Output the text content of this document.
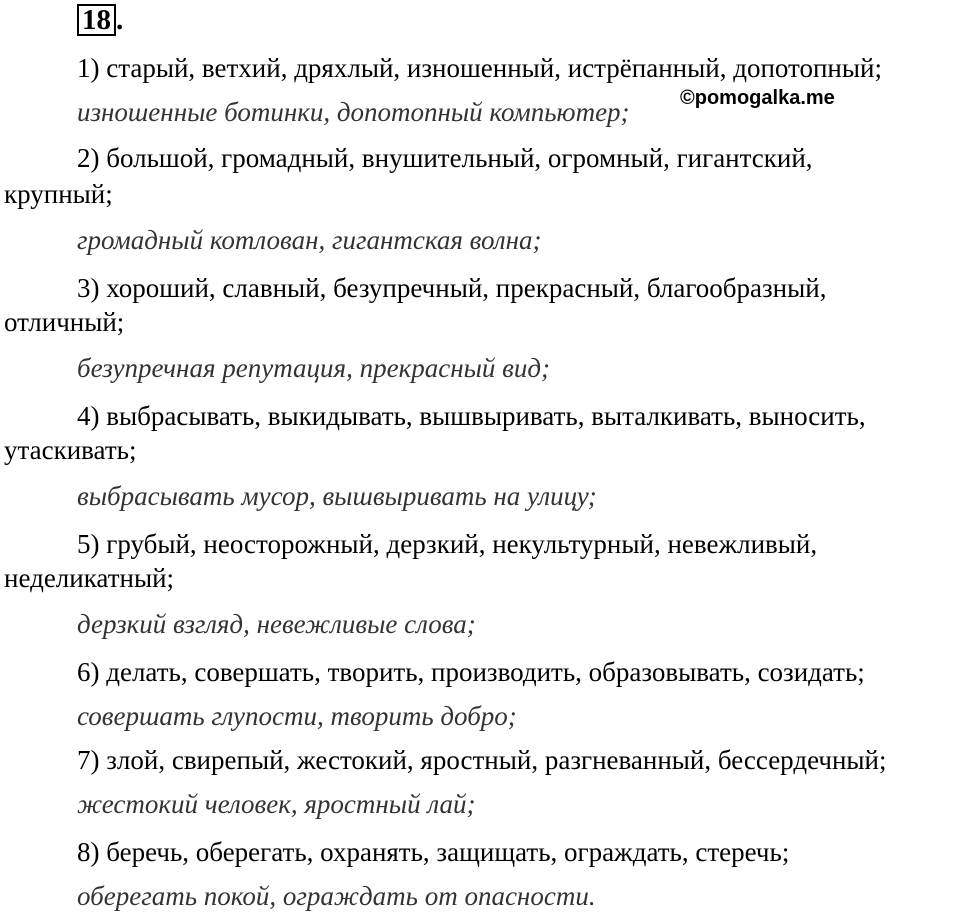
18 .
©pomogalka.me
1) старый, ветхий, дряхлый, изношенный, истрёпанный, допотопный;
изношенные ботинки, допотопный компьютер;
2) большой, громадный, внушительный, огромный, гигантский,
крупный;
громадный котлован, гигантская волна;
3) хороший, славный, безупречный, прекрасный, благообразный,
отличный;
безупречная репутация, прекрасный вид;
4) выбрасывать, выкидывать, вышвыривать, выталкивать, выносить,
утаскивать;
выбрасывать мусор, вышвыривать на улицу;
5) грубый, неосторожный, дерзкий, некультурный, невежливый,
неделикатный;
дерзкий взгляд, невежливые слова;
6) делать, совершать, творить, производить, образовывать, созидать;
совершать глупости, творить добро;
7) злой, свирепый, жестокий, яростный, разгневанный, бессердечный;
жестокий человек, яростный лай;
8) беречь, оберегать, охранять, защищать, ограждать, стеречь;
оберегать покой, ограждать от опасности.
